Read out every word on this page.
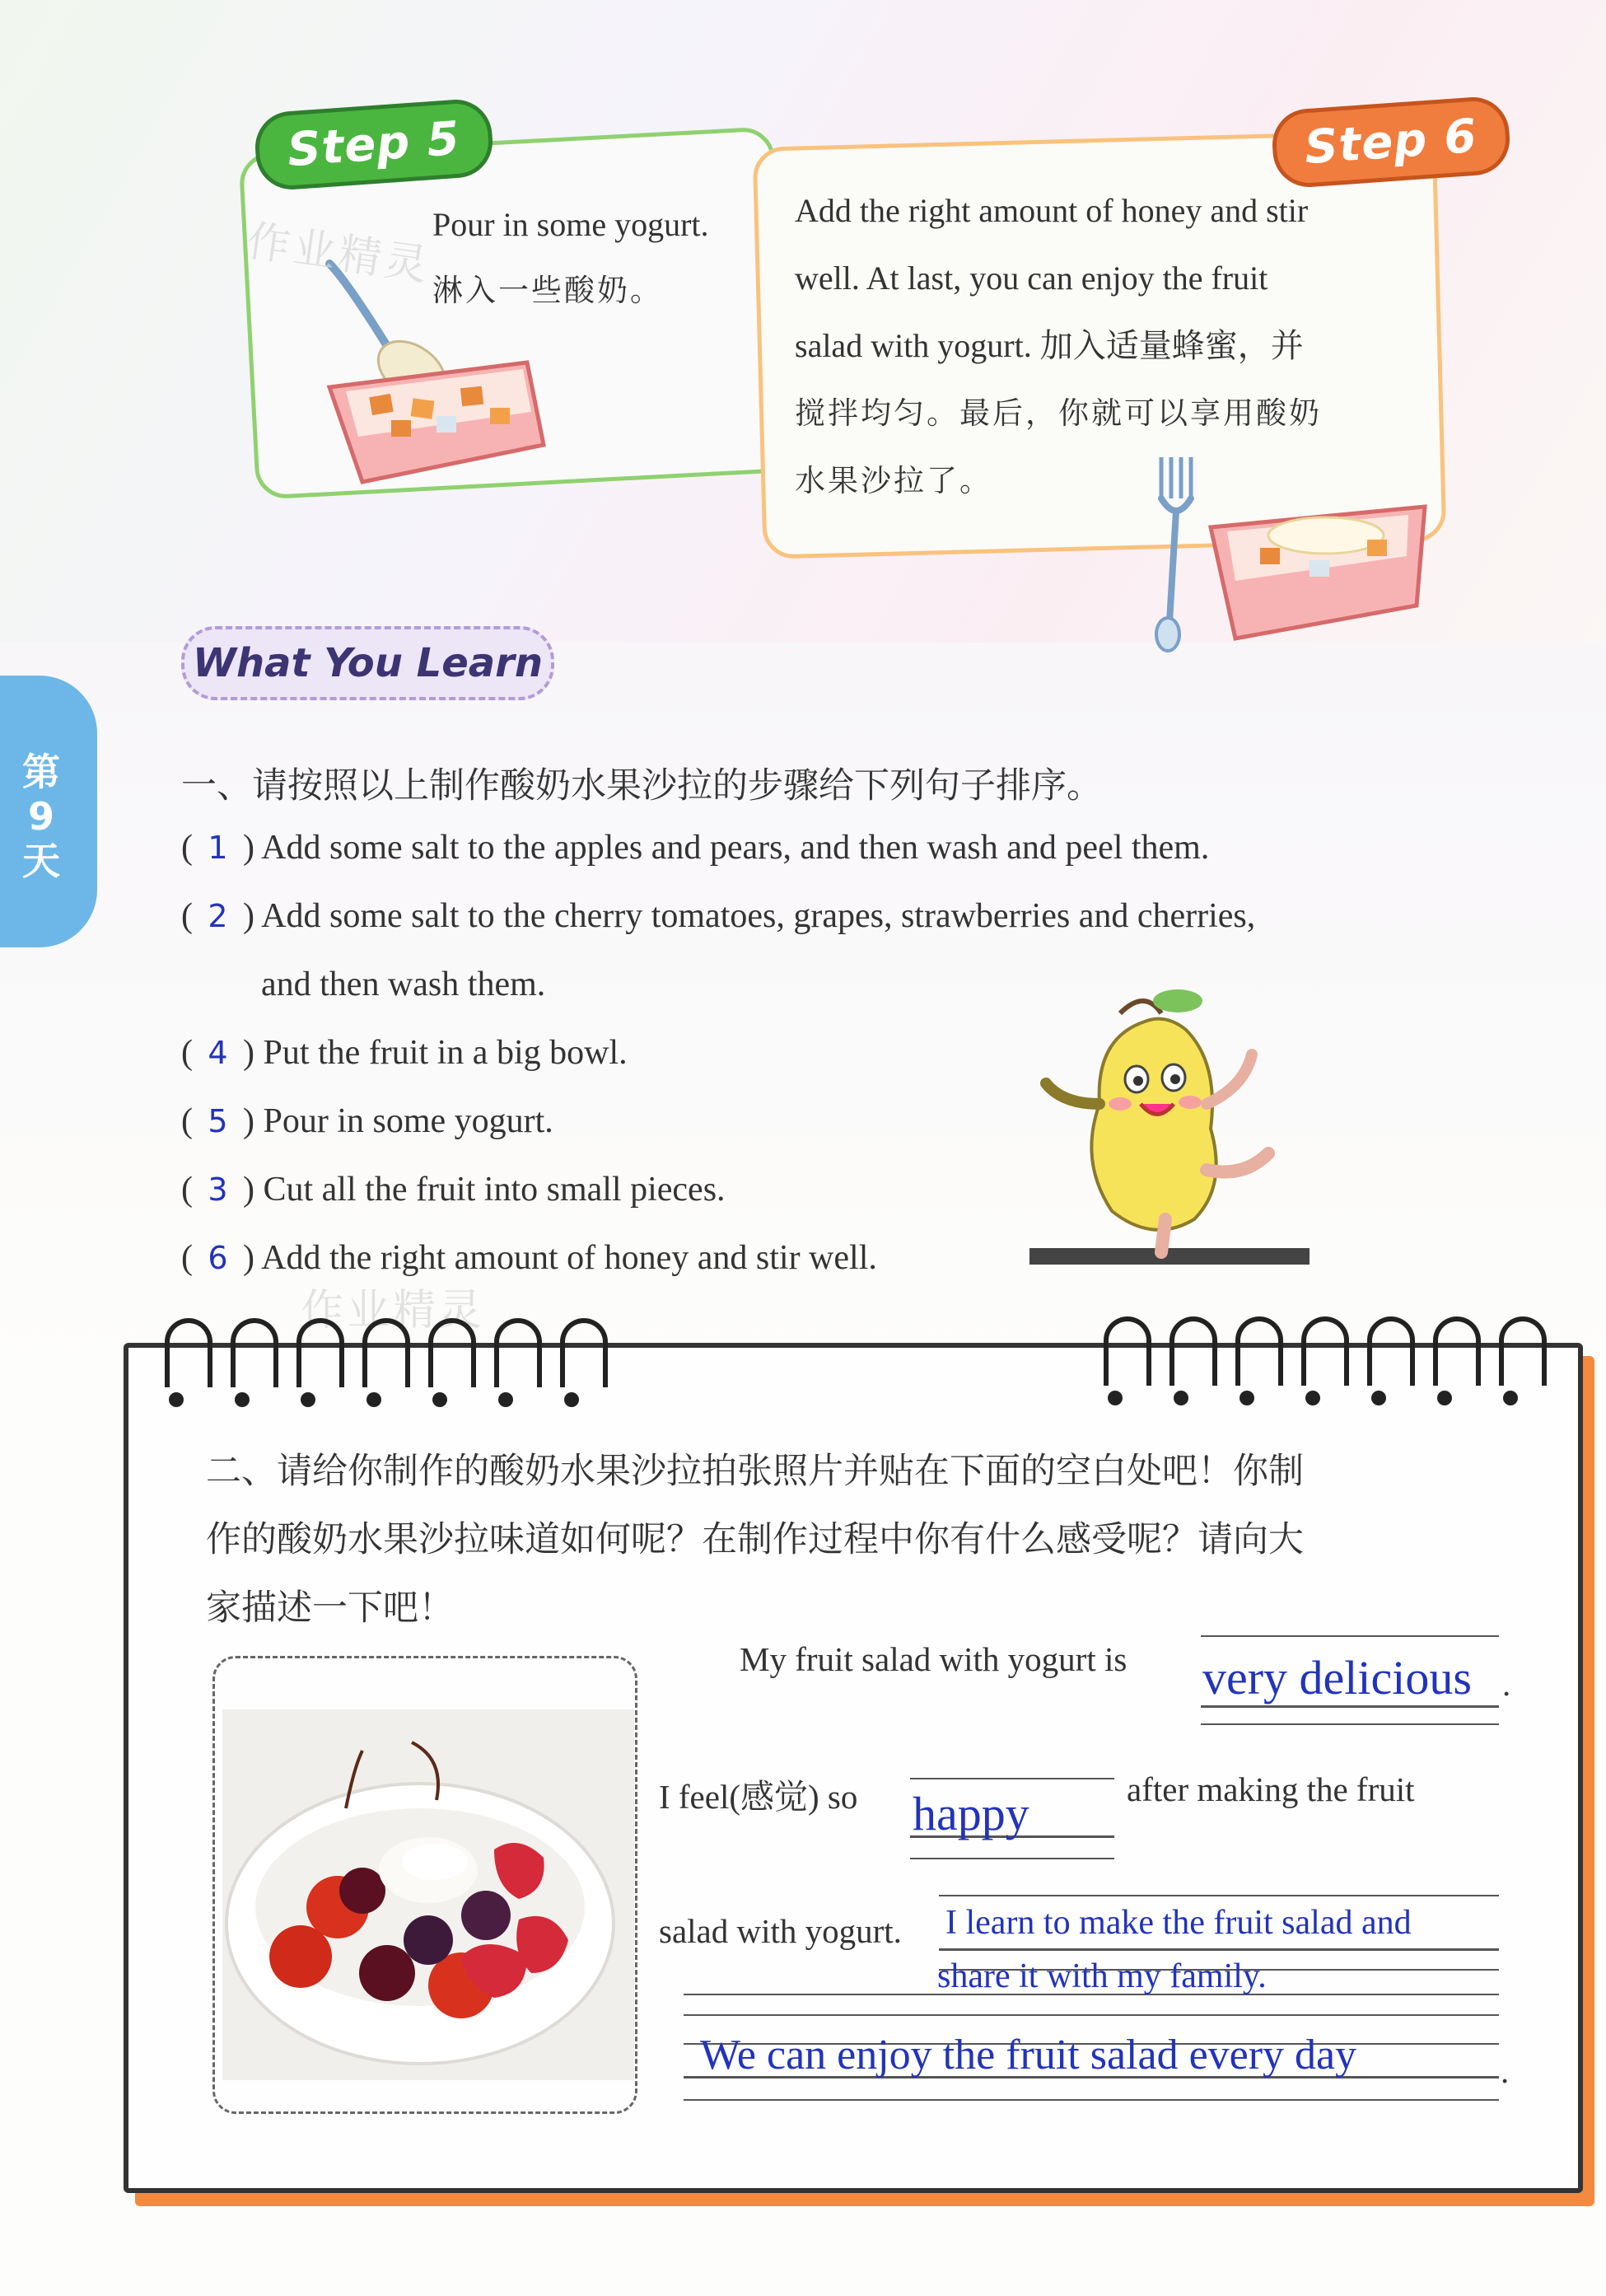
Step 5
Pour in some yogurt.
淋入一些酸奶。
Step 6
Add the right amount of honey and stir
well. At last, you can enjoy the fruit
salad with yogurt. 加入适量蜂蜜，并
搅拌均匀。最后，你就可以享用酸奶
水果沙拉了。
What You Learn
第9天
一、请按照以上制作酸奶水果沙拉的步骤给下列句子排序。
( 1 ) Add some salt to the apples and pears, and then wash and peel them.
( 2 ) Add some salt to the cherry tomatoes, grapes, strawberries and cherries,
and then wash them.
( 4 ) Put the fruit in a big bowl.
( 5 ) Pour in some yogurt.
( 3 ) Cut all the fruit into small pieces.
( 6 ) Add the right amount of honey and stir well.
作业精灵
作业精灵
二、请给你制作的酸奶水果沙拉拍张照片并贴在下面的空白处吧！你制
作的酸奶水果沙拉味道如何呢？在制作过程中你有什么感受呢？请向大
家描述一下吧！
My fruit salad with yogurt is very delicious .
I feel(感觉) so happy	after making the fruit
salad with yogurt. I learn to make the fruit salad and
share it with my family.
We can enjoy the fruit salad every day	.
